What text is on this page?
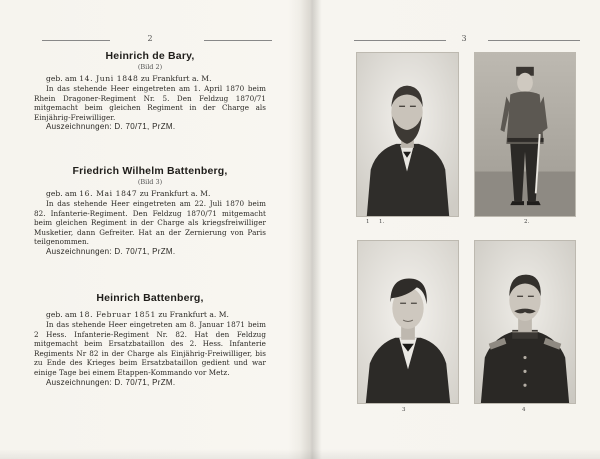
2
Heinrich de Bary,
(Bild 2)
geb. am 14. Juni 1848 zu Frankfurt a. M.
In das stehende Heer eingetreten am 1. April 1870 beim Rhein Dragoner-Regiment Nr. 5. Den Feldzug 1870/71 mitgemacht beim gleichen Regiment in der Charge als Einjährig-Freiwilliger.
Auszeichnungen: D. 70/71, PrZM.
Friedrich Wilhelm Battenberg,
(Bild 3)
geb. am 16. Mai 1847 zu Frankfurt a. M.
In das stehende Heer eingetreten am 22. Juli 1870 beim 82. Infanterie-Regiment. Den Feldzug 1870/71 mitgemacht beim gleichen Regiment in der Charge als kriegsfreiwilliger Musketier, dann Gefreiter. Hat an der Zernierung von Paris teilgenommen.
Auszeichnungen: D. 70/71, PrZM.
Heinrich Battenberg,
geb. am 18. Februar 1851 zu Frankfurt a. M.
In das stehende Heer eingetreten am 8. Januar 1871 beim 2 Hess. Infanterie-Regiment Nr. 82. Hat den Feldzug mitgemacht beim Ersatzbataillon des 2. Hess. Infanterie Regiments Nr 82 in der Charge als Einjährig-Freiwilliger, bis zu Ende des Krieges beim Ersatzbataillon gedient und war einige Tage bei einem Etappen-Kommando vor Metz.
Auszeichnungen: D. 70/71, PrZM.
3
1 1.	2.
3	4
